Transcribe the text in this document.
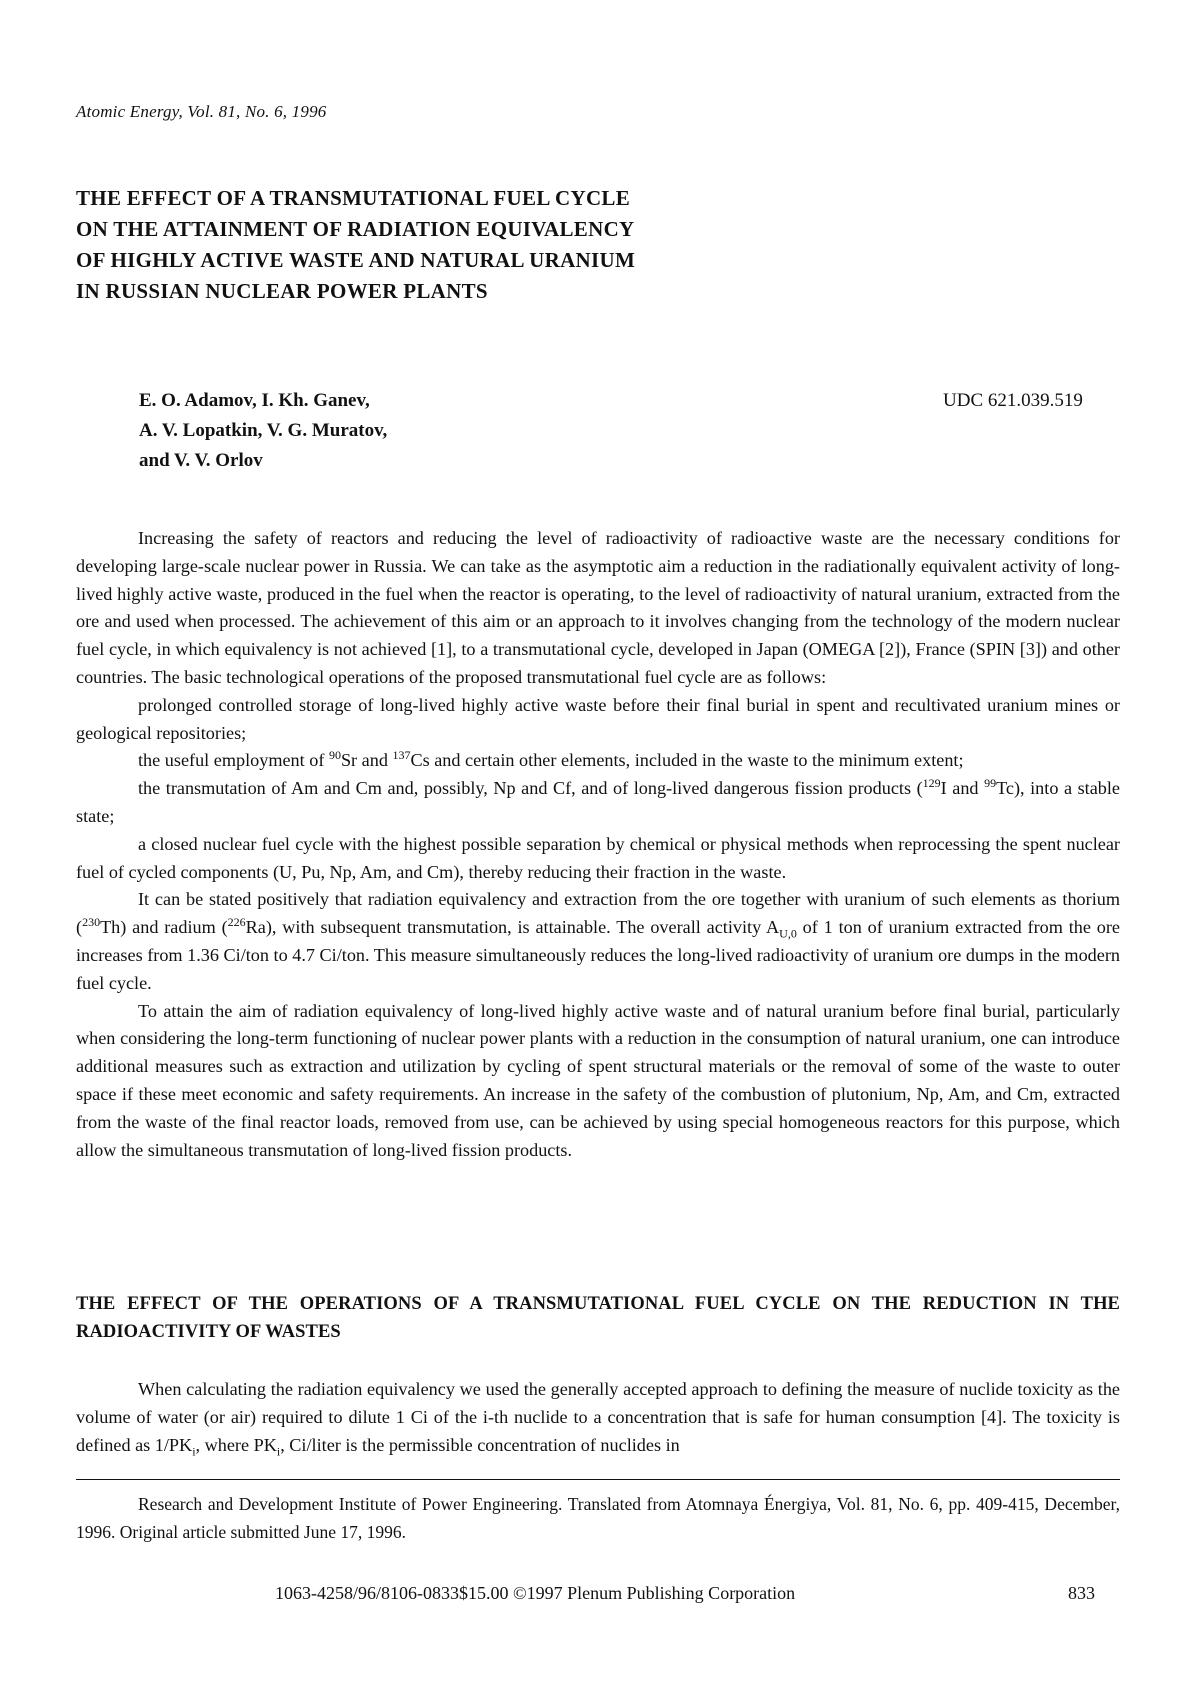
Atomic Energy, Vol. 81, No. 6, 1996
THE EFFECT OF A TRANSMUTATIONAL FUEL CYCLE
ON THE ATTAINMENT OF RADIATION EQUIVALENCY
OF HIGHLY ACTIVE WASTE AND NATURAL URANIUM
IN RUSSIAN NUCLEAR POWER PLANTS
E. O. Adamov, I. Kh. Ganev,
A. V. Lopatkin, V. G. Muratov,
and V. V. Orlov
UDC 621.039.519

Increasing the safety of reactors and reducing the level of radioactivity of radioactive waste are the necessary conditions for developing large-scale nuclear power in Russia. We can take as the asymptotic aim a reduction in the radiationally equivalent activity of long-lived highly active waste, produced in the fuel when the reactor is operating, to the level of radioactivity of natural uranium, extracted from the ore and used when processed. The achievement of this aim or an approach to it involves changing from the technology of the modern nuclear fuel cycle, in which equivalency is not achieved [1], to a transmutational cycle, developed in Japan (OMEGA [2]), France (SPIN [3]) and other countries. The basic technological operations of the proposed transmutational fuel cycle are as follows:

prolonged controlled storage of long-lived highly active waste before their final burial in spent and recultivated uranium mines or geological repositories;

the useful employment of $^{90}$Sr and $^{137}$Cs and certain other elements, included in the waste to the minimum extent;

the transmutation of Am and Cm and, possibly, Np and Cf, and of long-lived dangerous fission products ($^{129}$I and $^{99}$Tc), into a stable state;

a closed nuclear fuel cycle with the highest possible separation by chemical or physical methods when reprocessing the spent nuclear fuel of cycled components (U, Pu, Np, Am, and Cm), thereby reducing their fraction in the waste.

It can be stated positively that radiation equivalency and extraction from the ore together with uranium of such elements as thorium ($^{230}$Th) and radium ($^{226}$Ra), with subsequent transmutation, is attainable. The overall activity $A_{U,0}$ of 1 ton of uranium extracted from the ore increases from 1.36 Ci/ton to 4.7 Ci/ton. This measure simultaneously reduces the long-lived radioactivity of uranium ore dumps in the modern fuel cycle.

To attain the aim of radiation equivalency of long-lived highly active waste and of natural uranium before final burial, particularly when considering the long-term functioning of nuclear power plants with a reduction in the consumption of natural uranium, one can introduce additional measures such as extraction and utilization by cycling of spent structural materials or the removal of some of the waste to outer space if these meet economic and safety requirements. An increase in the safety of the combustion of plutonium, Np, Am, and Cm, extracted from the waste of the final reactor loads, removed from use, can be achieved by using special homogeneous reactors for this purpose, which allow the simultaneous transmutation of long-lived fission products.

THE EFFECT OF THE OPERATIONS OF A TRANSMUTATIONAL FUEL CYCLE ON THE REDUCTION IN THE RADIOACTIVITY OF WASTES

When calculating the radiation equivalency we used the generally accepted approach to defining the measure of nuclide toxicity as the volume of water (or air) required to dilute 1 Ci of the i-th nuclide to a concentration that is safe for human consumption [4]. The toxicity is defined as $1/PK_i$, where $PK_i$, Ci/liter is the permissible concentration of nuclides in

Research and Development Institute of Power Engineering. Translated from Atomnaya Énergiya, Vol. 81, No. 6, pp. 409-415, December, 1996. Original article submitted June 17, 1996.

1063-4258/96/8106-0833$15.00 ©1997 Plenum Publishing Corporation	833
